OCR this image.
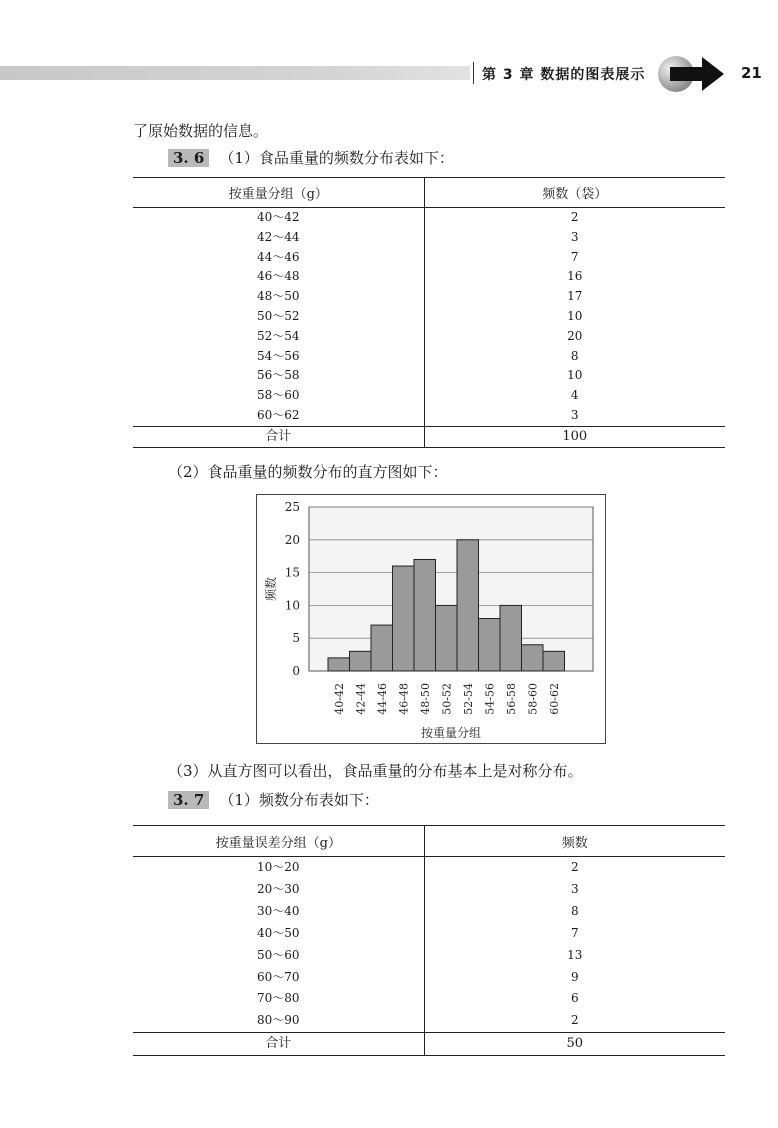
第 3 章 数据的图表展示	21
了原始数据的信息。
3. 6 （1）食品重量的频数分布表如下：
按重量分组（g）	频数（袋）
40～42	2
42～44	3
44～46	7
46～48	16
48～50	17
50～52	10
52～54	20
54～56	8
56～58	10
58～60	4
60～62	3
合计	100
（2）食品重量的频数分布的直方图如下：
0
5
10
15
20
25
40-42 42-44 44-46 46-48 48-50 50-52 52-54 54-56 56-58 58-60 60-62
频数
按重量分组
（3）从直方图可以看出，食品重量的分布基本上是对称分布。
3. 7 （1）频数分布表如下：
按重量误差分组（g）	频数
10～20	2
20～30	3
30～40	8
40～50	7
50～60	13
60～70	9
70～80	6
80～90	2
合计	50
